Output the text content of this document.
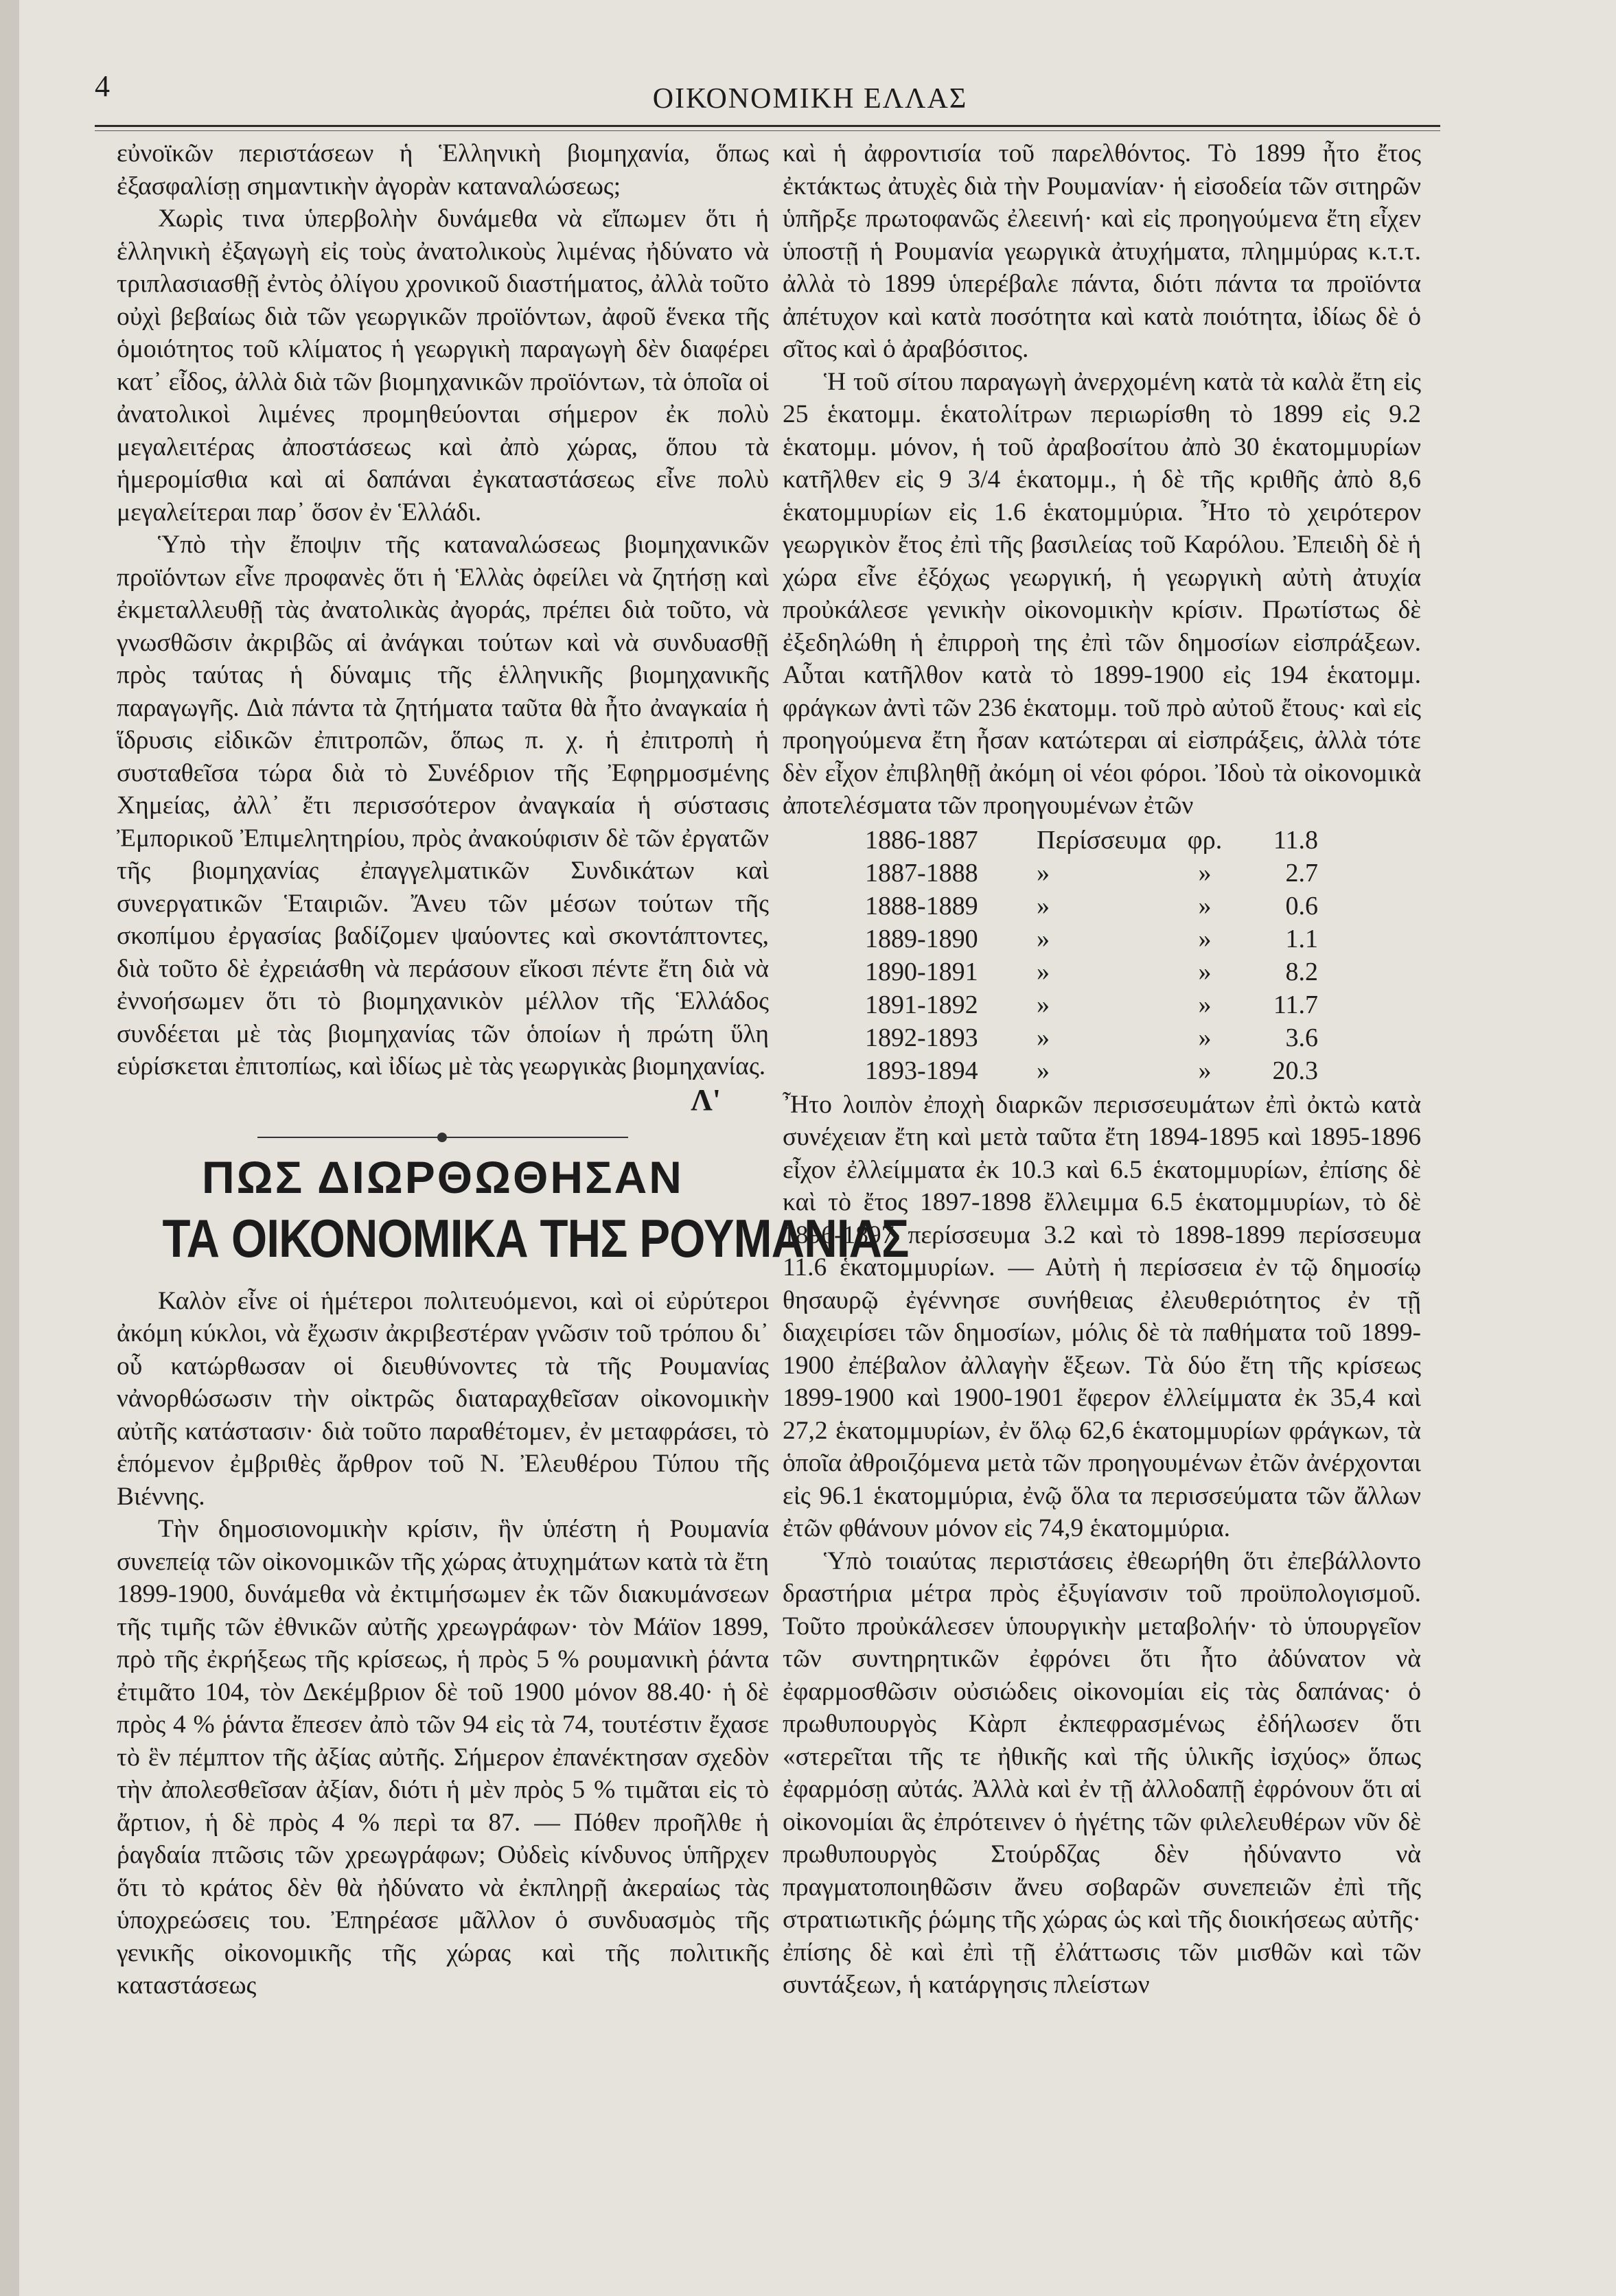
4	ΟΙΚΟΝΟΜΙΚΗ ΕΛΛΑΣ

εὐνοϊκῶν περιστάσεων ἡ Ἑλληνικὴ βιομηχανία, ὅπως ἐξασφαλίσῃ σημαντικὴν ἀγορὰν καταναλώσεως;

Χωρὶς τινα ὑπερβολὴν δυνάμεθα νὰ εἴπωμεν ὅτι ἡ ἑλληνικὴ ἐξαγωγὴ εἰς τοὺς ἀνατολικοὺς λιμένας ἠδύνατο νὰ τριπλασιασθῇ ἐντὸς ὀλίγου χρονικοῦ διαστήματος, ἀλλὰ τοῦτο οὐχὶ βεβαίως διὰ τῶν γεωργικῶν προϊόντων, ἀφοῦ ἕνεκα τῆς ὁμοιότητος τοῦ κλίματος ἡ γεωργικὴ παραγωγὴ δὲν διαφέρει κατ᾽ εἶδος, ἀλλὰ διὰ τῶν βιομηχανικῶν προϊόντων, τὰ ὁποῖα οἱ ἀνατολικοὶ λιμένες προμηθεύονται σήμερον ἐκ πολὺ μεγαλειτέρας ἀποστάσεως καὶ ἀπὸ χώρας, ὅπου τὰ ἡμερομίσθια καὶ αἱ δαπάναι ἐγκαταστάσεως εἶνε πολὺ μεγαλείτεραι παρ᾽ ὅσον ἐν Ἑλλάδι.

Ὑπὸ τὴν ἔποψιν τῆς καταναλώσεως βιομηχανικῶν προϊόντων εἶνε προφανὲς ὅτι ἡ Ἑλλὰς ὀφείλει νὰ ζητήσῃ καὶ ἐκμεταλλευθῇ τὰς ἀνατολικὰς ἀγοράς, πρέπει διὰ τοῦτο, νὰ γνωσθῶσιν ἀκριβῶς αἱ ἀνάγκαι τούτων καὶ νὰ συνδυασθῇ πρὸς ταύτας ἡ δύναμις τῆς ἑλληνικῆς βιομηχανικῆς παραγωγῆς. Διὰ πάντα τὰ ζητήματα ταῦτα θὰ ἦτο ἀναγκαία ἡ ἵδρυσις εἰδικῶν ἐπιτροπῶν, ὅπως π. χ. ἡ ἐπιτροπὴ ἡ συσταθεῖσα τώρα διὰ τὸ Συνέδριον τῆς Ἐφηρμοσμένης Χημείας, ἀλλ᾽ ἔτι περισσότερον ἀναγκαία ἡ σύστασις Ἐμπορικοῦ Ἐπιμελητηρίου, πρὸς ἀνακούφισιν δὲ τῶν ἐργατῶν τῆς βιομηχανίας ἐπαγγελματικῶν Συνδικάτων καὶ συνεργατικῶν Ἑταιριῶν. Ἄνευ τῶν μέσων τούτων τῆς σκοπίμου ἐργασίας βαδίζομεν ψαύοντες καὶ σκοντάπτοντες, διὰ τοῦτο δὲ ἐχρειάσθη νὰ περάσουν εἴκοσι πέντε ἔτη διὰ νὰ ἐννοήσωμεν ὅτι τὸ βιομηχανικὸν μέλλον τῆς Ἑλλάδος συνδέεται μὲ τὰς βιομηχανίας τῶν ὁποίων ἡ πρώτη ὕλη εὑρίσκεται ἐπιτοπίως, καὶ ἰδίως μὲ τὰς γεωργικὰς βιομηχανίας.

Λ'
ΠΩΣ ΔΙΩΡΘΩΘΗΣΑΝ
ΤΑ ΟΙΚΟΝΟΜΙΚΑ ΤΗΣ ΡΟΥΜΑΝΙΑΣ

Καλὸν εἶνε οἱ ἡμέτεροι πολιτευόμενοι, καὶ οἱ εὐρύτεροι ἀκόμη κύκλοι, νὰ ἔχωσιν ἀκριβεστέραν γνῶσιν τοῦ τρόπου δι᾽ οὗ κατώρθωσαν οἱ διευθύνοντες τὰ τῆς Ρουμανίας νἀνορθώσωσιν τὴν οἰκτρῶς διαταραχθεῖσαν οἰκονομικὴν αὐτῆς κατάστασιν· διὰ τοῦτο παραθέτομεν, ἐν μεταφράσει, τὸ ἑπόμενον ἐμβριθὲς ἄρθρον τοῦ Ν. Ἐλευθέρου Τύπου τῆς Βιέννης.

Τὴν δημοσιονομικὴν κρίσιν, ἣν ὑπέστη ἡ Ρουμανία συνεπείᾳ τῶν οἰκονομικῶν τῆς χώρας ἀτυχημάτων κατὰ τὰ ἔτη 1899-1900, δυνάμεθα νὰ ἐκτιμήσωμεν ἐκ τῶν διακυμάνσεων τῆς τιμῆς τῶν ἐθνικῶν αὐτῆς χρεωγράφων· τὸν Μάϊον 1899, πρὸ τῆς ἐκρήξεως τῆς κρίσεως, ἡ πρὸς 5 % ρουμανικὴ ῥάντα ἐτιμᾶτο 104, τὸν Δεκέμβριον δὲ τοῦ 1900 μόνον 88.40· ἡ δὲ πρὸς 4 % ῥάντα ἔπεσεν ἀπὸ τῶν 94 εἰς τὰ 74, τουτέστιν ἔχασε τὸ ἓν πέμπτον τῆς ἀξίας αὐτῆς. Σήμερον ἐπανέκτησαν σχεδὸν τὴν ἀπολεσθεῖσαν ἀξίαν, διότι ἡ μὲν πρὸς 5 % τιμᾶται εἰς τὸ ἄρτιον, ἡ δὲ πρὸς 4 % περὶ τα 87. — Πόθεν προῆλθε ἡ ῥαγδαία πτῶσις τῶν χρεωγράφων; Οὐδεὶς κίνδυνος ὑπῆρχεν ὅτι τὸ κράτος δὲν θὰ ἠδύνατο νὰ ἐκπληρῇ ἀκεραίως τὰς ὑποχρεώσεις του. Ἐπηρέασε μᾶλλον ὁ συνδυασμὸς τῆς γενικῆς οἰκονομικῆς τῆς χώρας καὶ τῆς πολιτικῆς καταστάσεως

καὶ ἡ ἀφροντισία τοῦ παρελθόντος. Τὸ 1899 ἦτο ἔτος ἐκτάκτως ἀτυχὲς διὰ τὴν Ρουμανίαν· ἡ εἰσοδεία τῶν σιτηρῶν ὑπῆρξε πρωτοφανῶς ἐλεεινή· καὶ εἰς προηγούμενα ἔτη εἶχεν ὑποστῇ ἡ Ρουμανία γεωργικὰ ἀτυχήματα, πλημμύρας κ.τ.τ. ἀλλὰ τὸ 1899 ὑπερέβαλε πάντα, διότι πάντα τα προϊόντα ἀπέτυχον καὶ κατὰ ποσότητα καὶ κατὰ ποιότητα, ἰδίως δὲ ὁ σῖτος καὶ ὁ ἀραβόσιτος.

Ἡ τοῦ σίτου παραγωγὴ ἀνερχομένη κατὰ τὰ καλὰ ἔτη εἰς 25 ἑκατομμ. ἑκατολίτρων περιωρίσθη τὸ 1899 εἰς 9.2 ἑκατομμ. μόνον, ἡ τοῦ ἀραβοσίτου ἀπὸ 30 ἑκατομμυρίων κατῆλθεν εἰς 9 3/4 ἑκατομμ., ἡ δὲ τῆς κριθῆς ἀπὸ 8,6 ἑκατομμυρίων εἰς 1.6 ἑκατομμύρια. Ἦτο τὸ χειρότερον γεωργικὸν ἔτος ἐπὶ τῆς βασιλείας τοῦ Καρόλου. Ἐπειδὴ δὲ ἡ χώρα εἶνε ἐξόχως γεωργική, ἡ γεωργικὴ αὐτὴ ἀτυχία προὐκάλεσε γενικὴν οἰκονομικὴν κρίσιν. Πρωτίστως δὲ ἐξεδηλώθη ἡ ἐπιρροὴ της ἐπὶ τῶν δημοσίων εἰσπράξεων. Αὗται κατῆλθον κατὰ τὸ 1899-1900 εἰς 194 ἑκατομμ. φράγκων ἀντὶ τῶν 236 ἑκατομμ. τοῦ πρὸ αὐτοῦ ἔτους· καὶ εἰς προηγούμενα ἔτη ἦσαν κατώτεραι αἱ εἰσπράξεις, ἀλλὰ τότε δὲν εἶχον ἐπιβληθῇ ἀκόμη οἱ νέοι φόροι. Ἰδοὺ τὰ οἰκονομικὰ ἀποτελέσματα τῶν προηγουμένων ἐτῶν

1886-1887	Περίσσευμα φρ.	11.8
1887-1888	»	»	2.7
1888-1889	»	»	0.6
1889-1890	»	»	1.1
1890-1891	»	»	8.2
1891-1892	»	»	11.7
1892-1893	»	»	3.6
1893-1894	»	»	20.3

Ἦτο λοιπὸν ἐποχὴ διαρκῶν περισσευμάτων ἐπὶ ὀκτὼ κατὰ συνέχειαν ἔτη καὶ μετὰ ταῦτα ἔτη 1894-1895 καὶ 1895-1896 εἶχον ἐλλείμματα ἐκ 10.3 καὶ 6.5 ἑκατομμυρίων, ἐπίσης δὲ καὶ τὸ ἔτος 1897-1898 ἔλλειμμα 6.5 ἑκατομμυρίων, τὸ δὲ 1896-1897 περίσσευμα 3.2 καὶ τὸ 1898-1899 περίσσευμα 11.6 ἑκατομμυρίων. — Αὐτὴ ἡ περίσσεια ἐν τῷ δημοσίῳ θησαυρῷ ἐγέννησε συνήθειας ἐλευθεριότητος ἐν τῇ διαχειρίσει τῶν δημοσίων, μόλις δὲ τὰ παθήματα τοῦ 1899-1900 ἐπέβαλον ἀλλαγὴν ἕξεων. Τὰ δύο ἔτη τῆς κρίσεως 1899-1900 καὶ 1900-1901 ἔφερον ἐλλείμματα ἐκ 35,4 καὶ 27,2 ἑκατομμυρίων, ἐν ὅλῳ 62,6 ἑκατομμυρίων φράγκων, τὰ ὁποῖα ἀθροιζόμενα μετὰ τῶν προηγουμένων ἐτῶν ἀνέρχονται εἰς 96.1 ἑκατομμύρια, ἐνῷ ὅλα τα περισσεύματα τῶν ἄλλων ἐτῶν φθάνουν μόνον εἰς 74,9 ἑκατομμύρια.

Ὑπὸ τοιαύτας περιστάσεις ἐθεωρήθη ὅτι ἐπεβάλλοντο δραστήρια μέτρα πρὸς ἐξυγίανσιν τοῦ προϋπολογισμοῦ. Τοῦτο προὐκάλεσεν ὑπουργικὴν μεταβολήν· τὸ ὑπουργεῖον τῶν συντηρητικῶν ἐφρόνει ὅτι ἦτο ἀδύνατον νὰ ἐφαρμοσθῶσιν οὐσιώδεις οἰκονομίαι εἰς τὰς δαπάνας· ὁ πρωθυπουργὸς Κὰρπ ἐκπεφρασμένως ἐδήλωσεν ὅτι «στερεῖται τῆς τε ἠθικῆς καὶ τῆς ὑλικῆς ἰσχύος» ὅπως ἐφαρμόσῃ αὐτάς. Ἀλλὰ καὶ ἐν τῇ ἀλλοδαπῇ ἐφρόνουν ὅτι αἱ οἰκονομίαι ἃς ἐπρότεινεν ὁ ἡγέτης τῶν φιλελευθέρων νῦν δὲ πρωθυπουργὸς Στούρδζας δὲν ἠδύναντο νὰ πραγματοποιηθῶσιν ἄνευ σοβαρῶν συνεπειῶν ἐπὶ τῆς στρατιωτικῆς ῥώμης τῆς χώρας ὡς καὶ τῆς διοικήσεως αὐτῆς· ἐπίσης δὲ καὶ ἐπὶ τῇ ἐλάττωσις τῶν μισθῶν καὶ τῶν συντάξεων, ἡ κατάργησις πλείστων
